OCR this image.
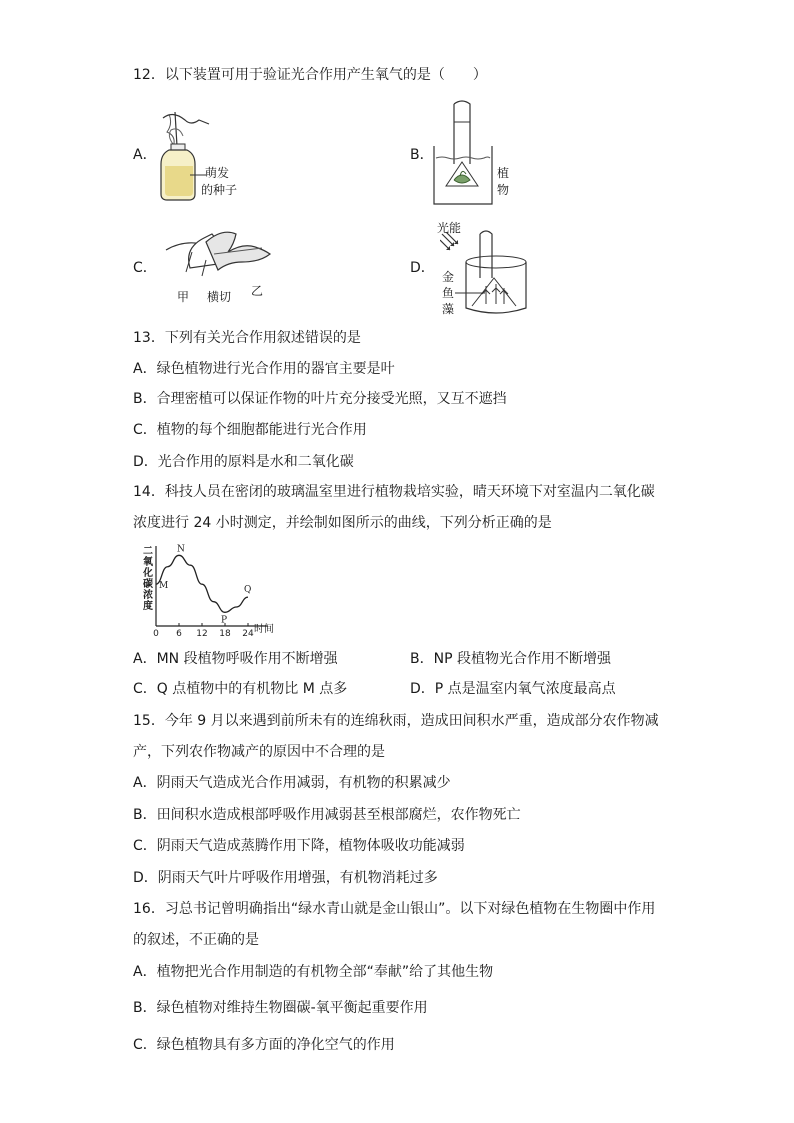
12．以下装置可用于验证光合作用产生氧气的是（　　）
A．
萌发
的种子
B．
植
物
C．
甲 横切 乙
D．
光能
金
鱼
藻
13．下列有关光合作用叙述错误的是
A．绿色植物进行光合作用的器官主要是叶
B．合理密植可以保证作物的叶片充分接受光照，又互不遮挡
C．植物的每个细胞都能进行光合作用
D．光合作用的原料是水和二氧化碳
14．科技人员在密闭的玻璃温室里进行植物栽培实验，晴天环境下对室温内二氧化碳
浓度进行 24 小时测定，并绘制如图所示的曲线，下列分析正确的是
二氧化碳浓度
0 6 12 18 24
M
N
P
Q
时间
A．MN 段植物呼吸作用不断增强	B．NP 段植物光合作用不断增强
C．Q 点植物中的有机物比 M 点多	D．P 点是温室内氧气浓度最高点
15．今年 9 月以来遇到前所未有的连绵秋雨，造成田间积水严重，造成部分农作物减
产，下列农作物减产的原因中不合理的是
A．阴雨天气造成光合作用减弱，有机物的积累减少
B．田间积水造成根部呼吸作用减弱甚至根部腐烂，农作物死亡
C．阴雨天气造成蒸腾作用下降，植物体吸收功能减弱
D．阴雨天气叶片呼吸作用增强，有机物消耗过多
16．习总书记曾明确指出“绿水青山就是金山银山”。以下对绿色植物在生物圈中作用
的叙述，不正确的是
A．植物把光合作用制造的有机物全部“奉献”给了其他生物
B．绿色植物对维持生物圈碳-氧平衡起重要作用
C．绿色植物具有多方面的净化空气的作用
